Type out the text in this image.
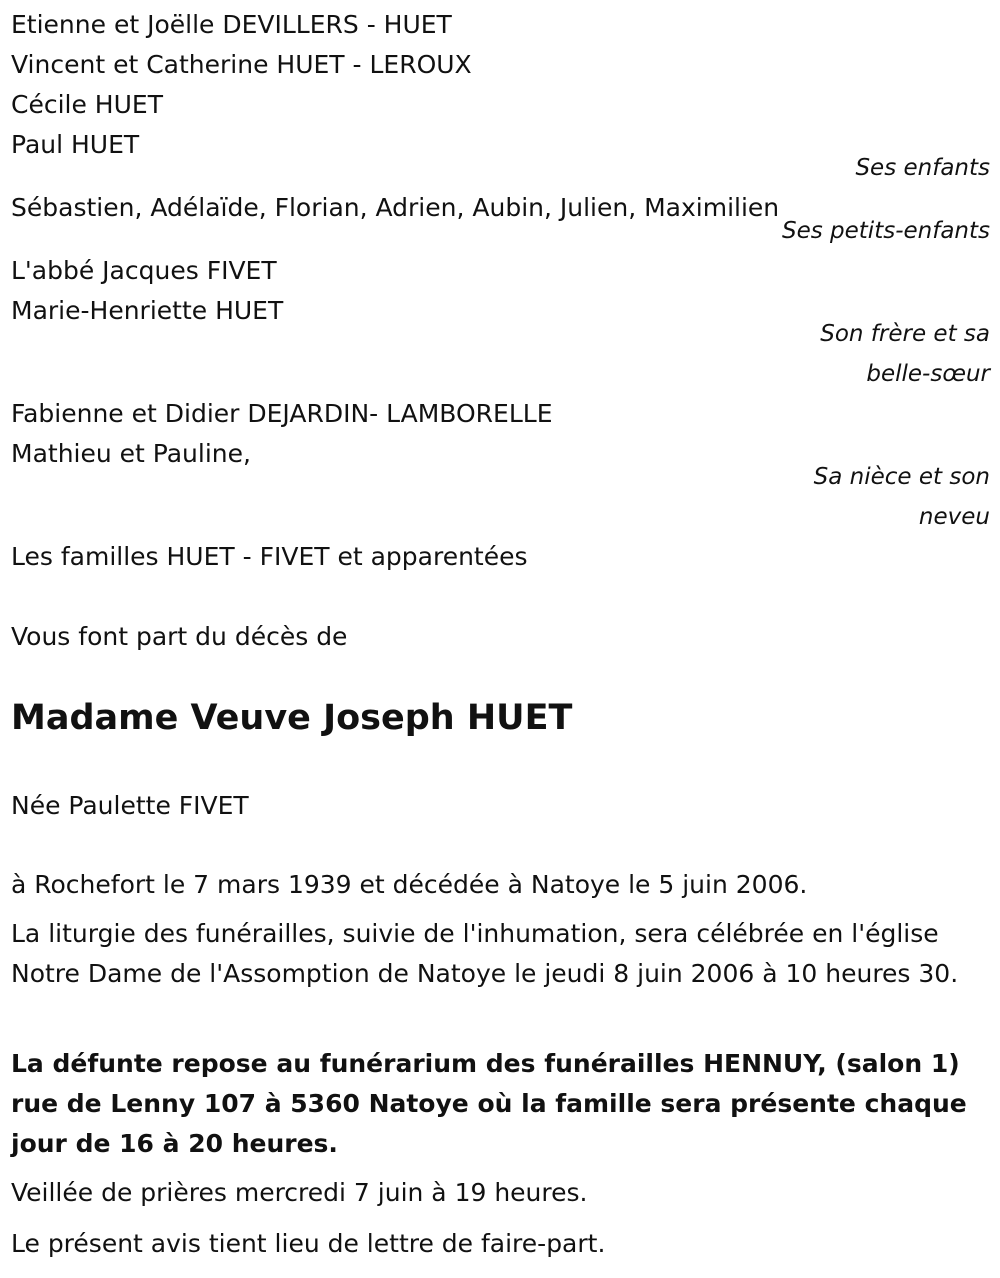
Etienne et Joëlle DEVILLERS - HUET
Vincent et Catherine HUET - LEROUX
Cécile HUET
Paul HUET
Ses enfants
Sébastien, Adélaïde, Florian, Adrien, Aubin, Julien, Maximilien
Ses petits-enfants
L'abbé Jacques FIVET
Marie-Henriette HUET
Son frère et sa
belle-sœur
Fabienne et Didier DEJARDIN- LAMBORELLE
Mathieu et Pauline,
Sa nièce et son
neveu
Les familles HUET - FIVET et apparentées
Vous font part du décès de
Madame Veuve Joseph HUET
Née Paulette FIVET
à Rochefort le 7 mars 1939 et décédée à Natoye le 5 juin 2006.
La liturgie des funérailles, suivie de l'inhumation, sera célébrée en l'église Notre Dame de l'Assomption de Natoye le jeudi 8 juin 2006 à 10 heures 30.
La défunte repose au funérarium des funérailles HENNUY, (salon 1) rue de Lenny 107 à 5360 Natoye où la famille sera présente chaque jour de 16 à 20 heures.
Veillée de prières mercredi 7 juin à 19 heures.
Le présent avis tient lieu de lettre de faire-part.
